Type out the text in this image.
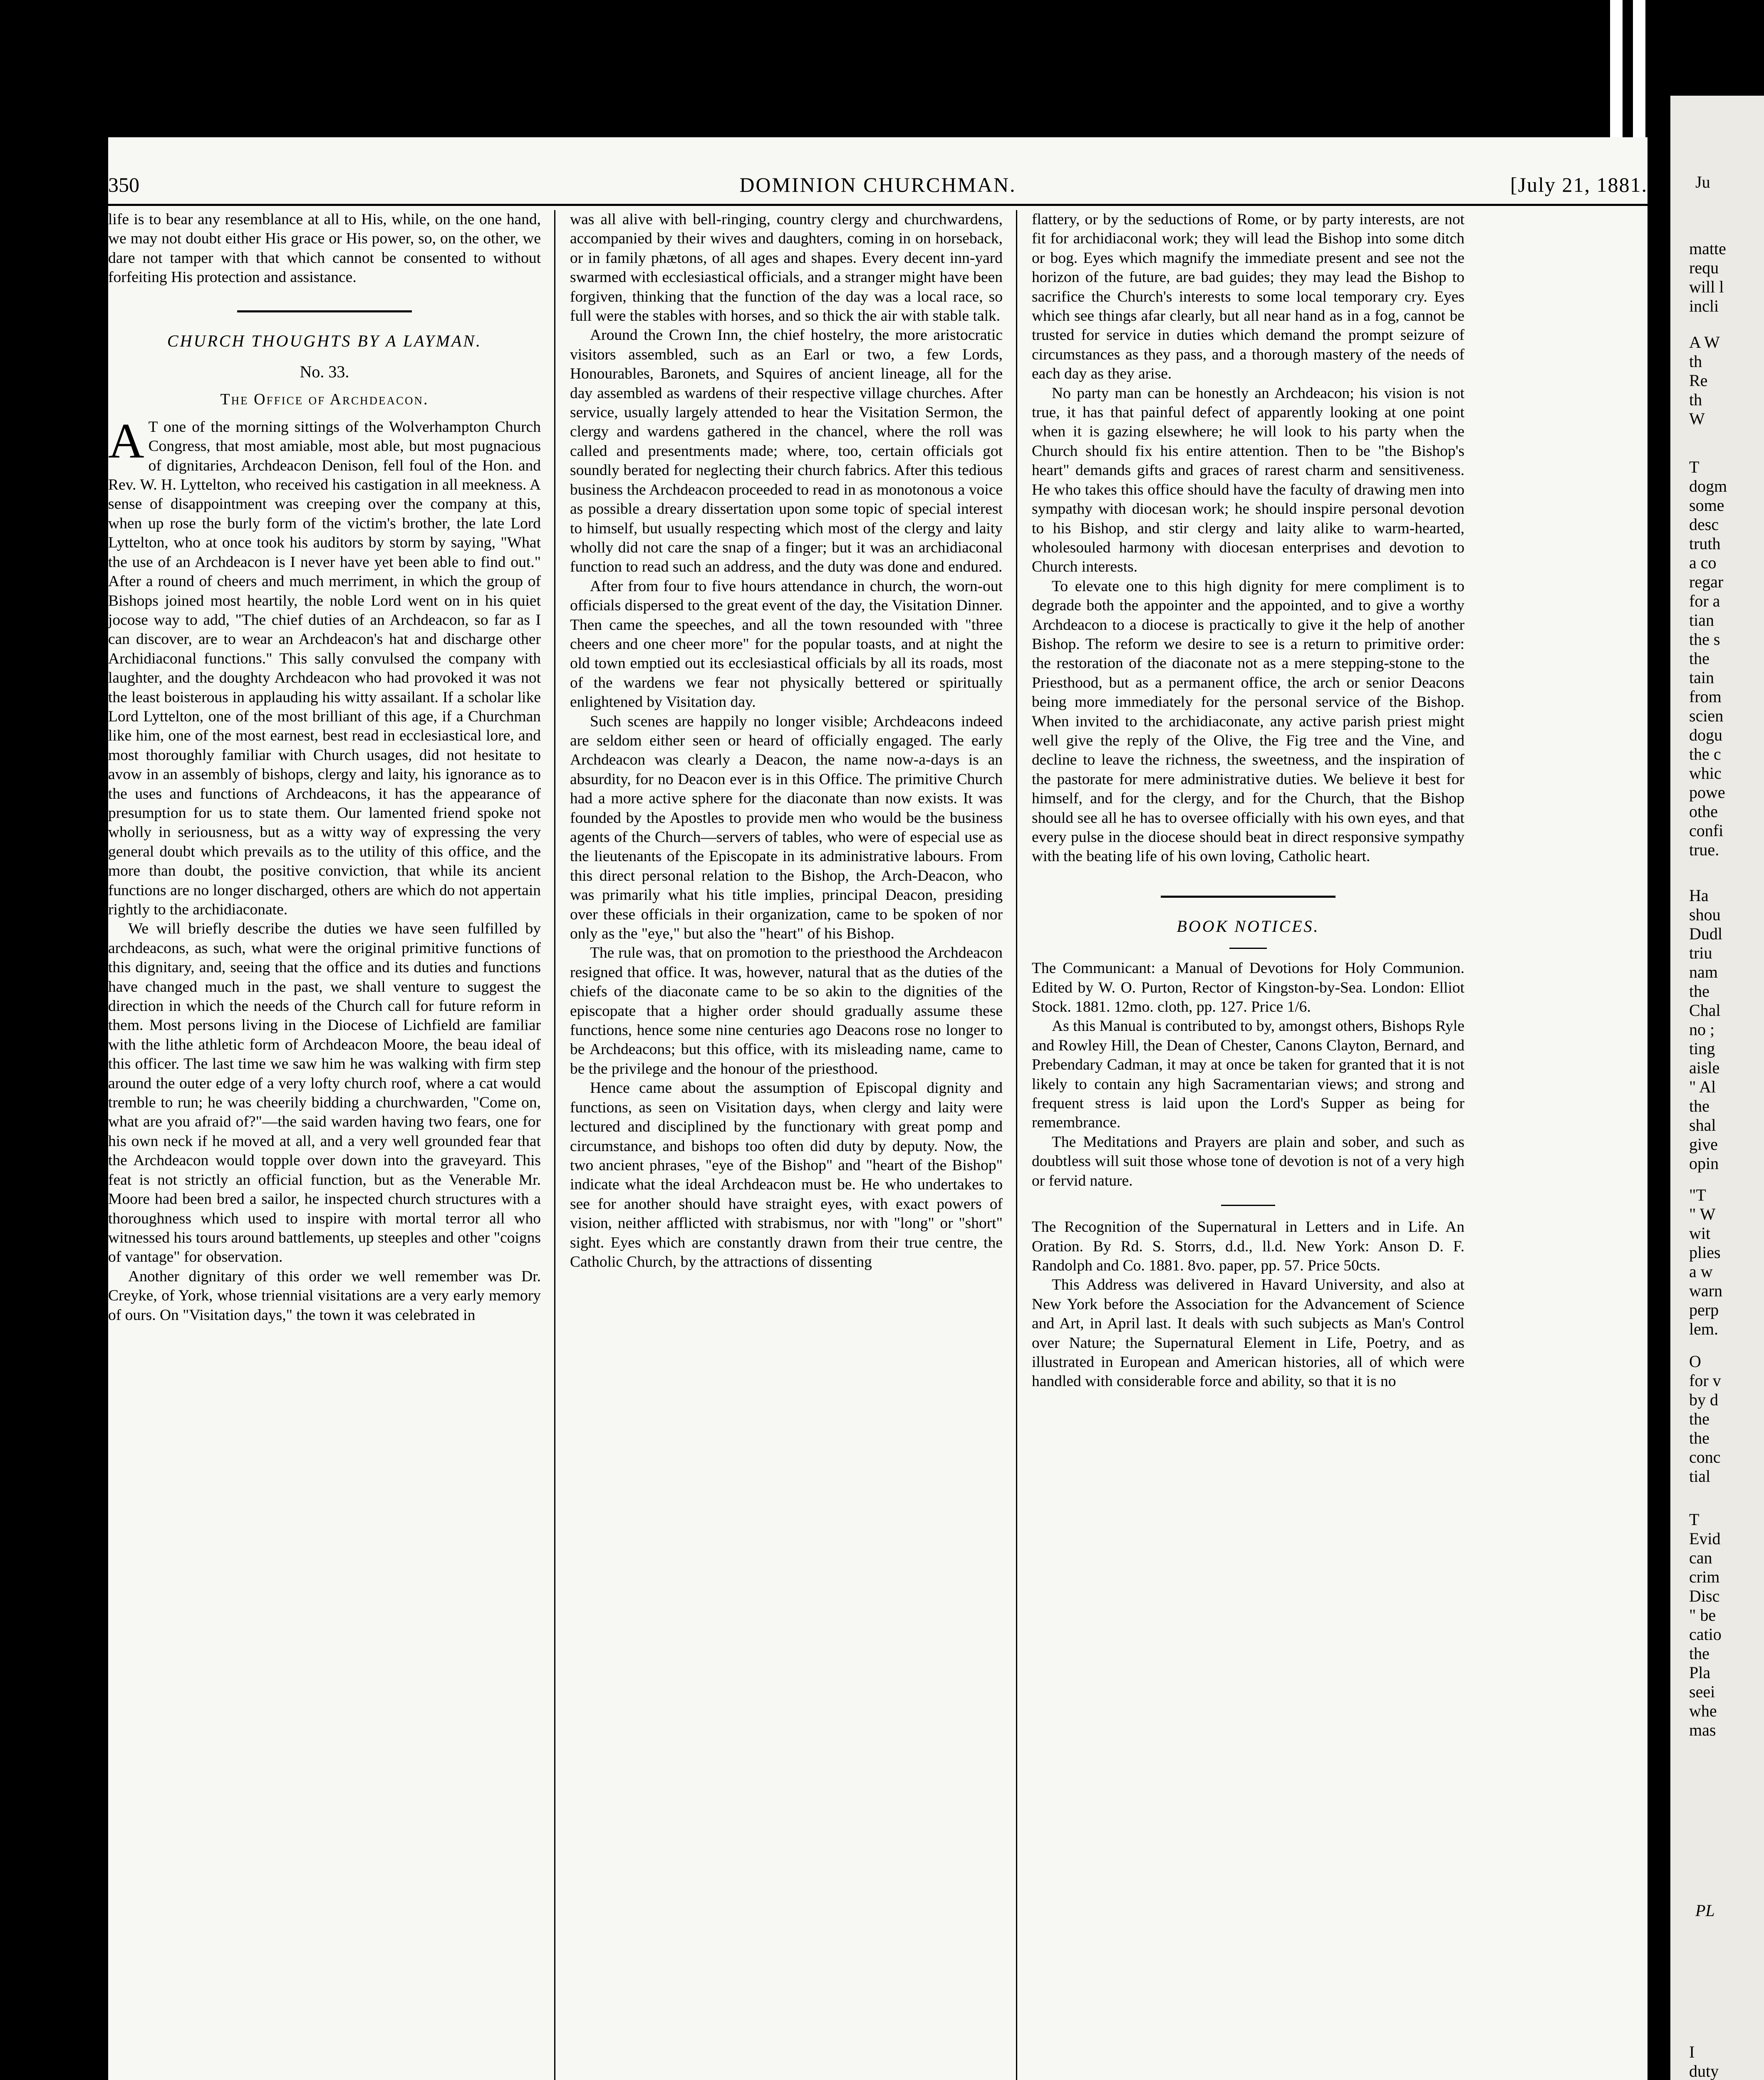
Ju
matte
requ
will l
incli
A W
th
Re
th
W
T
dogm
some
desc
truth
a co
regar
for a
tian
the s
the
tain
from
scien
dogu
the c
whic
powe
othe
confi
true.
Ha
shou
Dudl
triu
nam
the
Chal
no ;
ting
aisle
" Al
the
shal
give
opin
"T
" W
wit
plies
a w
warn
perp
lem.
O
for v
by d
the
the
conc
tial
T
Evid
can
crim
Disc
" be
catio
the
Pla
seei
whe
mas
PL
I
duty

DOMINION CHURCHMAN.
350	[July 21, 1881.

life is to bear any resemblance at all to His, while, on the one hand, we may not doubt either His grace or His power, so, on the other, we dare not tamper with that which cannot be consented to without forfeiting His protection and assistance.

CHURCH THOUGHTS BY A LAYMAN.
No. 33.
The Office of Archdeacon.

A T one of the morning sittings of the Wolverhampton Church Congress, that most amiable, most able, but most pugnacious of dignitaries, Archdeacon Denison, fell foul of the Hon. and Rev. W. H. Lyttelton, who received his castigation in all meekness. A sense of disappointment was creeping over the company at this, when up rose the burly form of the victim's brother, the late Lord Lyttelton, who at once took his auditors by storm by saying, "What the use of an Archdeacon is I never have yet been able to find out." After a round of cheers and much merriment, in which the group of Bishops joined most heartily, the noble Lord went on in his quiet jocose way to add, "The chief duties of an Archdeacon, so far as I can discover, are to wear an Archdeacon's hat and discharge other Archidiaconal functions." This sally convulsed the company with laughter, and the doughty Archdeacon who had provoked it was not the least boisterous in applauding his witty assailant. If a scholar like Lord Lyttelton, one of the most brilliant of this age, if a Churchman like him, one of the most earnest, best read in ecclesiastical lore, and most thoroughly familiar with Church usages, did not hesitate to avow in an assembly of bishops, clergy and laity, his ignorance as to the uses and functions of Archdeacons, it has the appearance of presumption for us to state them. Our lamented friend spoke not wholly in seriousness, but as a witty way of expressing the very general doubt which prevails as to the utility of this office, and the more than doubt, the positive conviction, that while its ancient functions are no longer discharged, others are which do not appertain rightly to the archidiaconate.

We will briefly describe the duties we have seen fulfilled by archdeacons, as such, what were the original primitive functions of this dignitary, and, seeing that the office and its duties and functions have changed much in the past, we shall venture to suggest the direction in which the needs of the Church call for future reform in them. Most persons living in the Diocese of Lichfield are familiar with the lithe athletic form of Archdeacon Moore, the beau ideal of this officer. The last time we saw him he was walking with firm step around the outer edge of a very lofty church roof, where a cat would tremble to run; he was cheerily bidding a churchwarden, "Come on, what are you afraid of?"—the said warden having two fears, one for his own neck if he moved at all, and a very well grounded fear that the Archdeacon would topple over down into the graveyard. This feat is not strictly an official function, but as the Venerable Mr. Moore had been bred a sailor, he inspected church structures with a thoroughness which used to inspire with mortal terror all who witnessed his tours around battlements, up steeples and other "coigns of vantage" for observation.

Another dignitary of this order we well remember was Dr. Creyke, of York, whose triennial visitations are a very early memory of ours. On "Visitation days," the town it was celebrated in

was all alive with bell-ringing, country clergy and churchwardens, accompanied by their wives and daughters, coming in on horseback, or in family phætons, of all ages and shapes. Every decent inn-yard swarmed with ecclesiastical officials, and a stranger might have been forgiven, thinking that the function of the day was a local race, so full were the stables with horses, and so thick the air with stable talk.

Around the Crown Inn, the chief hostelry, the more aristocratic visitors assembled, such as an Earl or two, a few Lords, Honourables, Baronets, and Squires of ancient lineage, all for the day assembled as wardens of their respective village churches. After service, usually largely attended to hear the Visitation Sermon, the clergy and wardens gathered in the chancel, where the roll was called and presentments made; where, too, certain officials got soundly berated for neglecting their church fabrics. After this tedious business the Archdeacon proceeded to read in as monotonous a voice as possible a dreary dissertation upon some topic of special interest to himself, but usually respecting which most of the clergy and laity wholly did not care the snap of a finger; but it was an archidiaconal function to read such an address, and the duty was done and endured.

After from four to five hours attendance in church, the worn-out officials dispersed to the great event of the day, the Visitation Dinner. Then came the speeches, and all the town resounded with "three cheers and one cheer more" for the popular toasts, and at night the old town emptied out its ecclesiastical officials by all its roads, most of the wardens we fear not physically bettered or spiritually enlightened by Visitation day.

Such scenes are happily no longer visible; Archdeacons indeed are seldom either seen or heard of officially engaged. The early Archdeacon was clearly a Deacon, the name now-a-days is an absurdity, for no Deacon ever is in this Office. The primitive Church had a more active sphere for the diaconate than now exists. It was founded by the Apostles to provide men who would be the business agents of the Church—servers of tables, who were of especial use as the lieutenants of the Episcopate in its administrative labours. From this direct personal relation to the Bishop, the Arch-Deacon, who was primarily what his title implies, principal Deacon, presiding over these officials in their organization, came to be spoken of nor only as the "eye," but also the "heart" of his Bishop.

The rule was, that on promotion to the priesthood the Archdeacon resigned that office. It was, however, natural that as the duties of the chiefs of the diaconate came to be so akin to the dignities of the episcopate that a higher order should gradually assume these functions, hence some nine centuries ago Deacons rose no longer to be Archdeacons; but this office, with its misleading name, came to be the privilege and the honour of the priesthood.

Hence came about the assumption of Episcopal dignity and functions, as seen on Visitation days, when clergy and laity were lectured and disciplined by the functionary with great pomp and circumstance, and bishops too often did duty by deputy. Now, the two ancient phrases, "eye of the Bishop" and "heart of the Bishop" indicate what the ideal Archdeacon must be. He who undertakes to see for another should have straight eyes, with exact powers of vision, neither afflicted with strabismus, nor with "long" or "short" sight. Eyes which are constantly drawn from their true centre, the Catholic Church, by the attractions of dissenting

flattery, or by the seductions of Rome, or by party interests, are not fit for archidiaconal work; they will lead the Bishop into some ditch or bog. Eyes which magnify the immediate present and see not the horizon of the future, are bad guides; they may lead the Bishop to sacrifice the Church's interests to some local temporary cry. Eyes which see things afar clearly, but all near hand as in a fog, cannot be trusted for service in duties which demand the prompt seizure of circumstances as they pass, and a thorough mastery of the needs of each day as they arise.

No party man can be honestly an Archdeacon; his vision is not true, it has that painful defect of apparently looking at one point when it is gazing elsewhere; he will look to his party when the Church should fix his entire attention. Then to be "the Bishop's heart" demands gifts and graces of rarest charm and sensitiveness. He who takes this office should have the faculty of drawing men into sympathy with diocesan work; he should inspire personal devotion to his Bishop, and stir clergy and laity alike to warm-hearted, wholesouled harmony with diocesan enterprises and devotion to Church interests.

To elevate one to this high dignity for mere compliment is to degrade both the appointer and the appointed, and to give a worthy Archdeacon to a diocese is practically to give it the help of another Bishop. The reform we desire to see is a return to primitive order: the restoration of the diaconate not as a mere stepping-stone to the Priesthood, but as a permanent office, the arch or senior Deacons being more immediately for the personal service of the Bishop. When invited to the archidiaconate, any active parish priest might well give the reply of the Olive, the Fig tree and the Vine, and decline to leave the richness, the sweetness, and the inspiration of the pastorate for mere administrative duties. We believe it best for himself, and for the clergy, and for the Church, that the Bishop should see all he has to oversee officially with his own eyes, and that every pulse in the diocese should beat in direct responsive sympathy with the beating life of his own loving, Catholic heart.

BOOK NOTICES.

The Communicant: a Manual of Devotions for Holy Communion. Edited by W. O. Purton, Rector of Kingston-by-Sea. London: Elliot Stock. 1881. 12mo. cloth, pp. 127. Price 1/6.

As this Manual is contributed to by, amongst others, Bishops Ryle and Rowley Hill, the Dean of Chester, Canons Clayton, Bernard, and Prebendary Cadman, it may at once be taken for granted that it is not likely to contain any high Sacramentarian views; and strong and frequent stress is laid upon the Lord's Supper as being for remembrance.

The Meditations and Prayers are plain and sober, and such as doubtless will suit those whose tone of devotion is not of a very high or fervid nature.

The Recognition of the Supernatural in Letters and in Life. An Oration. By Rd. S. Storrs, d.d., ll.d. New York: Anson D. F. Randolph and Co. 1881. 8vo. paper, pp. 57. Price 50cts.

This Address was delivered in Havard University, and also at New York before the Association for the Advancement of Science and Art, in April last. It deals with such subjects as Man's Control over Nature; the Supernatural Element in Life, Poetry, and as illustrated in European and American histories, all of which were handled with considerable force and ability, so that it is no
